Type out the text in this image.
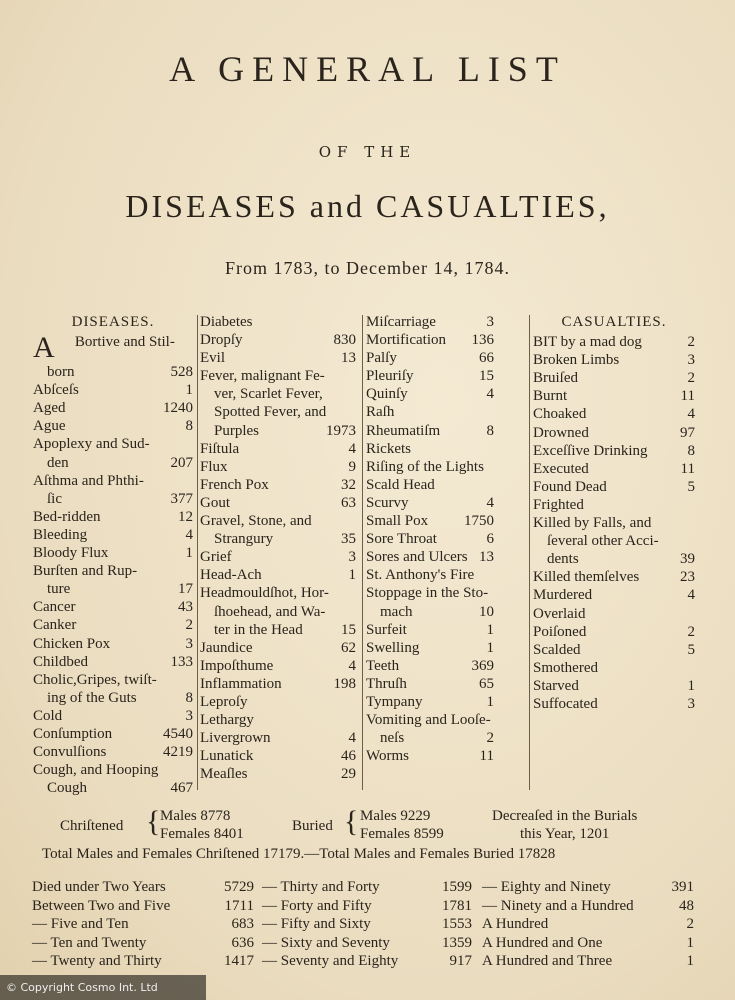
A GENERAL LIST
OF THE
DISEASES and CASUALTIES,
From 1783, to December 14, 1784.
DISEASES.
A Bortive and Stil-
born	528
Abſceſs	1
Aged	1240
Ague	8
Apoplexy and Sud-
den	207
Aſthma and Phthi-
ſic	377
Bed-ridden	12
Bleeding	4
Bloody Flux	1
Burſten and Rup-
ture	17
Cancer	43
Canker	2
Chicken Pox	3
Childbed	133
Cholic,Gripes, twiſt-
ing of the Guts	8
Cold	3
Conſumption	4540
Convulſions	4219
Cough, and Hooping
Cough	467
Diabetes
Dropſy	830
Evil	13
Fever, malignant Fe-
ver, Scarlet Fever,
Spotted Fever, and
Purples	1973
Fiſtula	4
Flux	9
French Pox	32
Gout	63
Gravel, Stone, and
Strangury	35
Grief	3
Head-Ach	1
Headmouldſhot, Hor-
ſhoehead, and Wa-
ter in the Head	15
Jaundice	62
Impoſthume	4
Inflammation	198
Leproſy
Lethargy
Livergrown	4
Lunatick	46
Meaſles	29
Miſcarriage	3
Mortification 136
Palſy	66
Pleuriſy	15
Quinſy	4
Raſh
Rheumatiſm	8
Rickets
Riſing of the Lights
Scald Head
Scurvy	4
Small Pox 1750
Sore Throat	6
Sores and Ulcers 13
St. Anthony's Fire
Stoppage in the Sto-
mach	10
Surfeit	1
Swelling	1
Teeth	369
Thruſh	65
Tympany	1
Vomiting and Looſe-
neſs	2
Worms	11
CASUALTIES.
BIT by a mad dog	2
Broken Limbs	3
Bruiſed	2
Burnt	11
Choaked	4
Drowned	97
Exceſſive Drinking	8
Executed	11
Found Dead	5
Frighted
Killed by Falls, and
ſeveral other Acci-
dents	39
Killed themſelves	23
Murdered	4
Overlaid
Poiſoned	2
Scalded	5
Smothered
Starved	1
Suffocated	3
Chriſtened { Males 8778
Females 8401	Buried { Males 9229
Females 8599
Decreaſed in the Burials
this Year, 1201
Total Males and Females Chriſtened 17179.—Total Males and Females Buried 17828
Died under Two Years	5729
Between Two and Five	1711
— Five and Ten	683
— Ten and Twenty	636
— Twenty and Thirty	1417
— Thirty and Forty	1599
— Forty and Fifty	1781
— Fifty and Sixty	1553
— Sixty and Seventy	1359
— Seventy and Eighty	917
— Eighty and Ninety	391
— Ninety and a Hundred	48
A Hundred	2
A Hundred and One	1
A Hundred and Three	1
© Copyright Cosmo Int. Ltd
